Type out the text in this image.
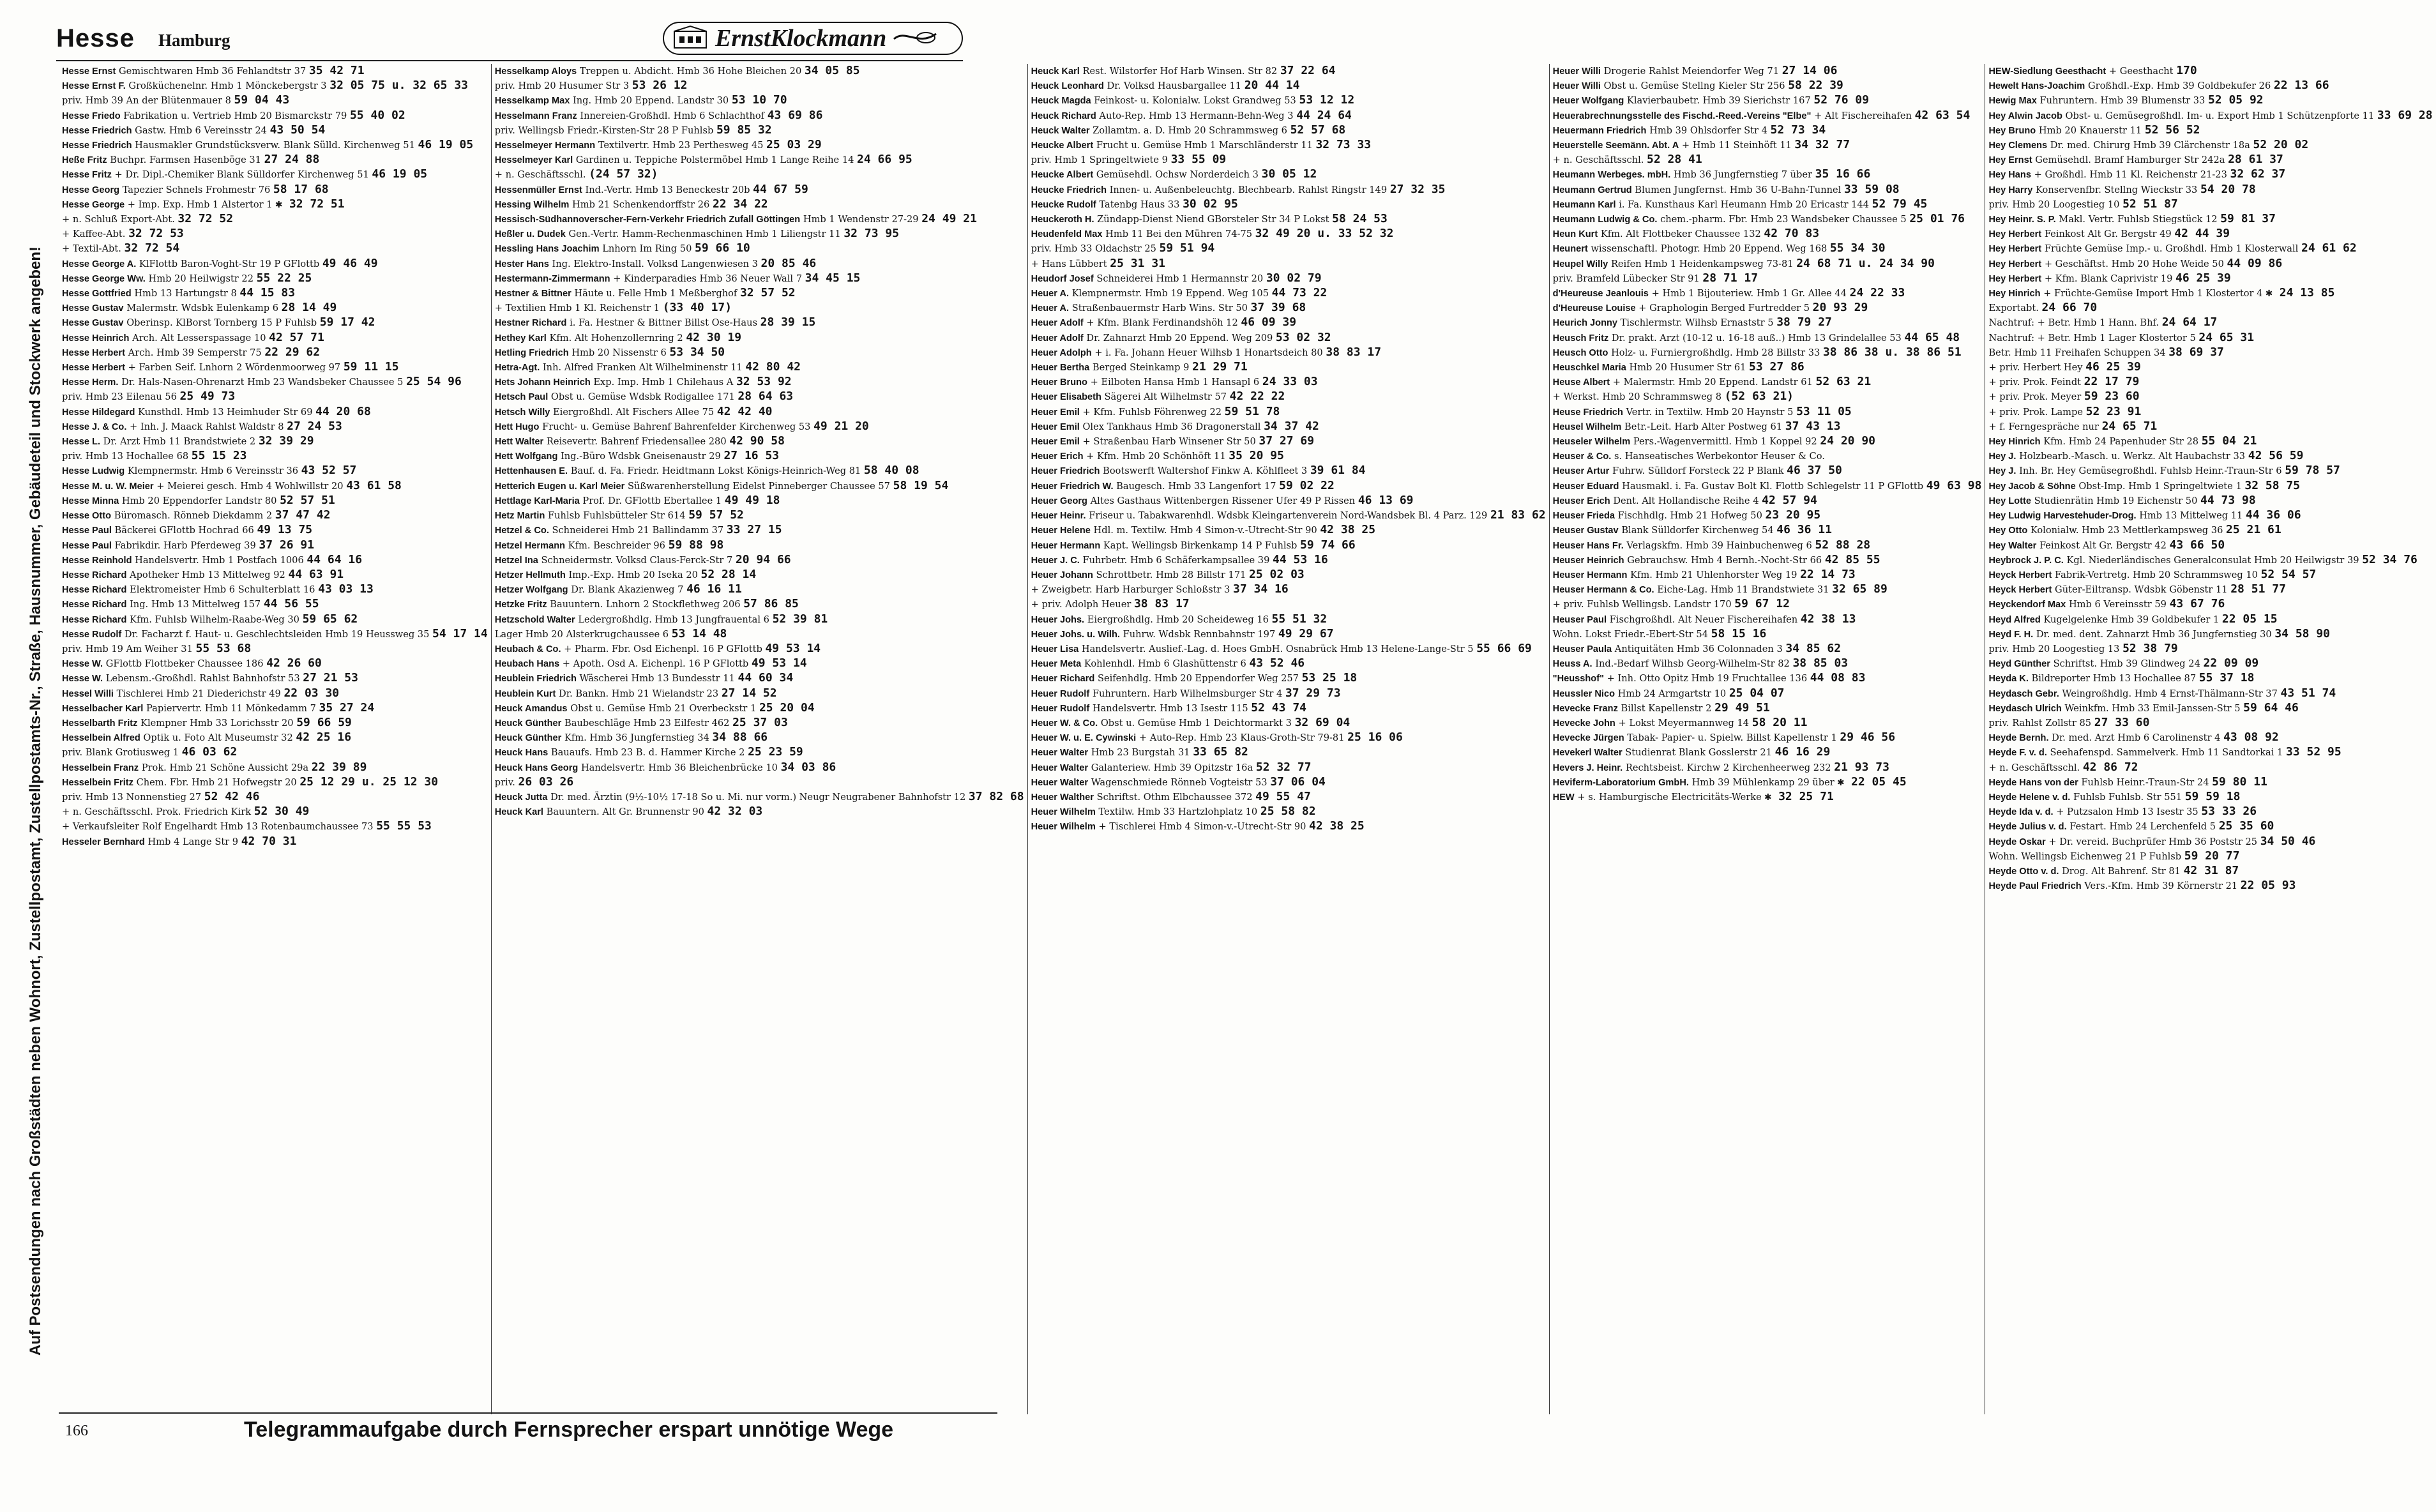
Hesse Hamburg	ErnstKlockmann
Auf Postsendungen nach Großstädten neben Wohnort, Zustellpostamt, Zustellpostamts-Nr., Straße, Hausnummer, Gebäudeteil und Stockwerk angeben!
Hesse Ernst Gemischtwaren Hmb 36 Fehlandtstr 37 35 42 71
Hesse Ernst F. Großküchenelnr. Hmb 1 Mönckebergstr 3 32 05 75 u. 32 65 33
priv. Hmb 39 An der Blütenmauer 8 59 04 43
Hesse Friedo Fabrikation u. Vertrieb Hmb 20 Bismarckstr 79 55 40 02
Hesse Friedrich Gastw. Hmb 6 Vereinsstr 24 43 50 54
Hesse Friedrich Hausmakler Grundstücksverw. Blank Sülld. Kirchenweg 51 46 19 05
Heße Fritz Buchpr. Farmsen Hasenböge 31 27 24 88
Hesse Fritz + Dr. Dipl.-Chemiker Blank Sülldorfer Kirchenweg 51 46 19 05
Hesse Georg Tapezier Schnels Frohmestr 76 58 17 68
Hesse George + Imp. Exp. Hmb 1 Alstertor 1 ✱ 32 72 51
+ n. Schluß Export-Abt. 32 72 52
+ Kaffee-Abt. 32 72 53
+ Textil-Abt. 32 72 54
Hesse George A. KlFlottb Baron-Voght-Str 19 P GFlottb 49 46 49
Hesse George Ww. Hmb 20 Heilwigstr 22 55 22 25
Hesse Gottfried Hmb 13 Hartungstr 8 44 15 83
Hesse Gustav Malermstr. Wdsbk Eulenkamp 6 28 14 49
Hesse Gustav Oberinsp. KlBorst Tornberg 15 P Fuhlsb 59 17 42
Hesse Heinrich Arch. Alt Lesserspassage 10 42 57 71
Hesse Herbert Arch. Hmb 39 Semperstr 75 22 29 62
Hesse Herbert + Farben Seif. Lnhorn 2 Wördenmoorweg 97 59 11 15
Hesse Herm. Dr. Hals-Nasen-Ohrenarzt Hmb 23 Wandsbeker Chaussee 5 25 54 96
priv. Hmb 23 Eilenau 56 25 49 73
Hesse Hildegard Kunsthdl. Hmb 13 Heimhuder Str 69 44 20 68
Hesse J. & Co. + Inh. J. Maack Rahlst Waldstr 8 27 24 53
Hesse L. Dr. Arzt Hmb 11 Brandstwiete 2 32 39 29
priv. Hmb 13 Hochallee 68 55 15 23
Hesse Ludwig Klempnermstr. Hmb 6 Vereinsstr 36 43 52 57
Hesse M. u. W. Meier + Meierei gesch. Hmb 4 Wohlwillstr 20 43 61 58
Hesse Minna Hmb 20 Eppendorfer Landstr 80 52 57 51
Hesse Otto Büromasch. Rönneb Diekdamm 2 37 47 42
Hesse Paul Bäckerei GFlottb Hochrad 66 49 13 75
Hesse Paul Fabrikdir. Harb Pferdeweg 39 37 26 91
Hesse Reinhold Handelsvertr. Hmb 1 Postfach 1006 44 64 16
Hesse Richard Apotheker Hmb 13 Mittelweg 92 44 63 91
Hesse Richard Elektromeister Hmb 6 Schulterblatt 16 43 03 13
Hesse Richard Ing. Hmb 13 Mittelweg 157 44 56 55
Hesse Richard Kfm. Fuhlsb Wilhelm-Raabe-Weg 30 59 65 62
Hesse Rudolf Dr. Facharzt f. Haut- u. Geschlechtsleiden Hmb 19 Heussweg 35 54 17 14
priv. Hmb 19 Am Weiher 31 55 53 68
Hesse W. GFlottb Flottbeker Chaussee 186 42 26 60
Hesse W. Lebensm.-Großhdl. Rahlst Bahnhofstr 53 27 21 53
Hessel Willi Tischlerei Hmb 21 Diederichstr 49 22 03 30
Hesselbacher Karl Papiervertr. Hmb 11 Mönkedamm 7 35 27 24
Hesselbarth Fritz Klempner Hmb 33 Lorichsstr 20 59 66 59
Hesselbein Alfred Optik u. Foto Alt Museumstr 32 42 25 16
priv. Blank Grotiusweg 1 46 03 62
Hesselbein Franz Prok. Hmb 21 Schöne Aussicht 29a 22 39 89
Hesselbein Fritz Chem. Fbr. Hmb 21 Hofwegstr 20 25 12 29 u. 25 12 30
priv. Hmb 13 Nonnenstieg 27 52 42 46
+ n. Geschäftsschl. Prok. Friedrich Kirk 52 30 49
+ Verkaufsleiter Rolf Engelhardt Hmb 13 Rotenbaumchaussee 73 55 55 53
Hesseler Bernhard Hmb 4 Lange Str 9 42 70 31
Hesselkamp Aloys Treppen u. Abdicht. Hmb 36 Hohe Bleichen 20 34 05 85
priv. Hmb 20 Husumer Str 3 53 26 12
Hesselkamp Max Ing. Hmb 20 Eppend. Landstr 30 53 10 70
Hesselmann Franz Innereien-Großhdl. Hmb 6 Schlachthof 43 69 86
priv. Wellingsb Friedr.-Kirsten-Str 28 P Fuhlsb 59 85 32
Hesselmeyer Hermann Textilvertr. Hmb 23 Perthesweg 45 25 03 29
Hesselmeyer Karl Gardinen u. Teppiche Polstermöbel Hmb 1 Lange Reihe 14 24 66 95
+ n. Geschäftsschl. (24 57 32)
Hessenmüller Ernst Ind.-Vertr. Hmb 13 Beneckestr 20b 44 67 59
Hessing Wilhelm Hmb 21 Schenkendorffstr 26 22 34 22
Hessisch-Südhannoverscher-Fern-Verkehr Friedrich Zufall Göttingen Hmb 1 Wendenstr 27-29 24 49 21
Heßler u. Dudek Gen.-Vertr. Hamm-Rechenmaschinen Hmb 1 Liliengstr 11 32 73 95
Hessling Hans Joachim Lnhorn Im Ring 50 59 66 10
Hester Hans Ing. Elektro-Install. Volksd Langenwiesen 3 20 85 46
Hestermann-Zimmermann + Kinderparadies Hmb 36 Neuer Wall 7 34 45 15
Hestner & Bittner Häute u. Felle Hmb 1 Meßberghof 32 57 52
+ Textilien Hmb 1 Kl. Reichenstr 1 (33 40 17)
Hestner Richard i. Fa. Hestner & Bittner Billst Ose-Haus 28 39 15
Hethey Karl Kfm. Alt Hohenzollernring 2 42 30 19
Hetling Friedrich Hmb 20 Nissenstr 6 53 34 50
Hetra-Agt. Inh. Alfred Franken Alt Wilhelminenstr 11 42 80 42
Hets Johann Heinrich Exp. Imp. Hmb 1 Chilehaus A 32 53 92
Hetsch Paul Obst u. Gemüse Wdsbk Rodigallee 171 28 64 63
Hetsch Willy Eiergroßhdl. Alt Fischers Allee 75 42 42 40
Hett Hugo Frucht- u. Gemüse Bahrenf Bahrenfelder Kirchenweg 53 49 21 20
Hett Walter Reisevertr. Bahrenf Friedensallee 280 42 90 58
Hett Wolfgang Ing.-Büro Wdsbk Gneisenaustr 29 27 16 53
Hettenhausen E. Bauf. d. Fa. Friedr. Heidtmann Lokst Königs-Heinrich-Weg 81 58 40 08
Hetterich Eugen u. Karl Meier Süßwarenherstellung Eidelst Pinneberger Chaussee 57 58 19 54
Hettlage Karl-Maria Prof. Dr. GFlottb Ebertallee 1 49 49 18
Hetz Martin Fuhlsb Fuhlsbütteler Str 614 59 57 52
Hetzel & Co. Schneiderei Hmb 21 Ballindamm 37 33 27 15
Hetzel Hermann Kfm. Beschreider 96 59 88 98
Hetzel Ina Schneidermstr. Volksd Claus-Ferck-Str 7 20 94 66
Hetzer Hellmuth Imp.-Exp. Hmb 20 Iseka 20 52 28 14
Hetzer Wolfgang Dr. Blank Akazienweg 7 46 16 11
Hetzke Fritz Bauuntern. Lnhorn 2 Stockflethweg 206 57 86 85
Hetzschold Walter Ledergroßhdlg. Hmb 13 Jungfrauental 6 52 39 81
Lager Hmb 20 Alsterkrugchaussee 6 53 14 48
Heubach & Co. + Pharm. Fbr. Osd Eichenpl. 16 P GFlottb 49 53 14
Heubach Hans + Apoth. Osd A. Eichenpl. 16 P GFlottb 49 53 14
Heublein Friedrich Wäscherei Hmb 13 Bundesstr 11 44 60 34
Heublein Kurt Dr. Bankn. Hmb 21 Wielandstr 23 27 14 52
Heuck Amandus Obst u. Gemüse Hmb 21 Overbeckstr 1 25 20 04
Heuck Günther Baubeschläge Hmb 23 Eilfestr 462 25 37 03
Heuck Günther Kfm. Hmb 36 Jungfernstieg 34 34 88 66
Heuck Hans Bauaufs. Hmb 23 B. d. Hammer Kirche 2 25 23 59
Heuck Hans Georg Handelsvertr. Hmb 36 Bleichenbrücke 10 34 03 86
priv. 26 03 26
Heuck Jutta Dr. med. Ärztin (9½-10½ 17-18 So u. Mi. nur vorm.) Neugr Neugrabener Bahnhofstr 12 37 82 68
Heuck Karl Bauuntern. Alt Gr. Brunnenstr 90 42 32 03
Heuck Karl Rest. Wilstorfer Hof Harb Winsen. Str 82 37 22 64
Heuck Leonhard Dr. Volksd Hausbargallee 11 20 44 14
Heuck Magda Feinkost- u. Kolonialw. Lokst Grandweg 53 53 12 12
Heuck Richard Auto-Rep. Hmb 13 Hermann-Behn-Weg 3 44 24 64
Heuck Walter Zollamtm. a. D. Hmb 20 Schrammsweg 6 52 57 68
Heucke Albert Frucht u. Gemüse Hmb 1 Marschländerstr 11 32 73 33
priv. Hmb 1 Springeltwiete 9 33 55 09
Heucke Albert Gemüsehdl. Ochsw Norderdeich 3 30 05 12
Heucke Friedrich Innen- u. Außenbeleuchtg. Blechbearb. Rahlst Ringstr 149 27 32 35
Heucke Rudolf Tatenbg Haus 33 30 02 95
Heuckeroth H. Zündapp-Dienst Niend GBorsteler Str 34 P Lokst 58 24 53
Heudenfeld Max Hmb 11 Bei den Mühren 74-75 32 49 20 u. 33 52 32
priv. Hmb 33 Oldachstr 25 59 51 94
+ Hans Lübbert 25 31 31
Heudorf Josef Schneiderei Hmb 1 Hermannstr 20 30 02 79
Heuer A. Klempnermstr. Hmb 19 Eppend. Weg 105 44 73 22
Heuer A. Straßenbauermstr Harb Wins. Str 50 37 39 68
Heuer Adolf + Kfm. Blank Ferdinandshöh 12 46 09 39
Heuer Adolf Dr. Zahnarzt Hmb 20 Eppend. Weg 209 53 02 32
Heuer Adolph + i. Fa. Johann Heuer Wilhsb 1 Honartsdeich 80 38 83 17
Heuer Bertha Berged Steinkamp 9 21 29 71
Heuer Bruno + Eilboten Hansa Hmb 1 Hansapl 6 24 33 03
Heuer Elisabeth Sägerei Alt Wilhelmstr 57 42 22 22
Heuer Emil + Kfm. Fuhlsb Föhrenweg 22 59 51 78
Heuer Emil Olex Tankhaus Hmb 36 Dragonerstall 34 37 42
Heuer Emil + Straßenbau Harb Winsener Str 50 37 27 69
Heuer Erich + Kfm. Hmb 20 Schönhöft 11 35 20 95
Heuer Friedrich Bootswerft Waltershof Finkw A. Köhlfleet 3 39 61 84
Heuer Friedrich W. Baugesch. Hmb 33 Langenfort 17 59 02 22
Heuer Georg Altes Gasthaus Wittenbergen Rissener Ufer 49 P Rissen 46 13 69
Heuer Heinr. Friseur u. Tabakwarenhdl. Wdsbk Kleingartenverein Nord-Wandsbek Bl. 4 Parz. 129 21 83 62
Heuer Helene Hdl. m. Textilw. Hmb 4 Simon-v.-Utrecht-Str 90 42 38 25
Heuer Hermann Kapt. Wellingsb Birkenkamp 14 P Fuhlsb 59 74 66
Heuer J. C. Fuhrbetr. Hmb 6 Schäferkampsallee 39 44 53 16
Heuer Johann Schrottbetr. Hmb 28 Billstr 171 25 02 03
+ Zweigbetr. Harb Harburger Schloßstr 3 37 34 16
+ priv. Adolph Heuer 38 83 17
Heuer Johs. Eiergroßhdlg. Hmb 20 Scheideweg 16 55 51 32
Heuer Johs. u. Wilh. Fuhrw. Wdsbk Rennbahnstr 197 49 29 67
Heuer Lisa Handelsvertr. Auslief.-Lag. d. Hoes GmbH. Osnabrück Hmb 13 Helene-Lange-Str 5 55 66 69
Heuer Meta Kohlenhdl. Hmb 6 Glashüttenstr 6 43 52 46
Heuer Richard Seifenhdlg. Hmb 20 Eppendorfer Weg 257 53 25 18
Heuer Rudolf Fuhruntern. Harb Wilhelmsburger Str 4 37 29 73
Heuer Rudolf Handelsvertr. Hmb 13 Isestr 115 52 43 74
Heuer W. & Co. Obst u. Gemüse Hmb 1 Deichtormarkt 3 32 69 04
Heuer W. u. E. Cywinski + Auto-Rep. Hmb 23 Klaus-Groth-Str 79-81 25 16 06
Heuer Walter Hmb 23 Burgstah 31 33 65 82
Heuer Walter Galanteriew. Hmb 39 Opitzstr 16a 52 32 77
Heuer Walter Wagenschmiede Rönneb Vogteistr 53 37 06 04
Heuer Walther Schriftst. Othm Elbchaussee 372 49 55 47
Heuer Wilhelm Textilw. Hmb 33 Hartzlohplatz 10 25 58 82
Heuer Wilhelm + Tischlerei Hmb 4 Simon-v.-Utrecht-Str 90 42 38 25
Heuer Willi Drogerie Rahlst Meiendorfer Weg 71 27 14 06
Heuer Willi Obst u. Gemüse Stellng Kieler Str 256 58 22 39
Heuer Wolfgang Klavierbaubetr. Hmb 39 Sierichstr 167 52 76 09
Heuerabrechnungsstelle des Fischd.-Reed.-Vereins "Elbe" + Alt Fischereihafen 42 63 54
Heuermann Friedrich Hmb 39 Ohlsdorfer Str 4 52 73 34
Heuerstelle Seemänn. Abt. A + Hmb 11 Steinhöft 11 34 32 77
+ n. Geschäftsschl. 52 28 41
Heumann Werbeges. mbH. Hmb 36 Jungfernstieg 7 über 35 16 66
Heumann Gertrud Blumen Jungfernst. Hmb 36 U-Bahn-Tunnel 33 59 08
Heumann Karl i. Fa. Kunsthaus Karl Heumann Hmb 20 Ericastr 144 52 79 45
Heumann Ludwig & Co. chem.-pharm. Fbr. Hmb 23 Wandsbeker Chaussee 5 25 01 76
Heun Kurt Kfm. Alt Flottbeker Chaussee 132 42 70 83
Heunert wissenschaftl. Photogr. Hmb 20 Eppend. Weg 168 55 34 30
Heupel Willy Reifen Hmb 1 Heidenkampsweg 73-81 24 68 71 u. 24 34 90
priv. Bramfeld Lübecker Str 91 28 71 17
d'Heureuse Jeanlouis + Hmb 1 Bijouteriew. Hmb 1 Gr. Allee 44 24 22 33
d'Heureuse Louise + Graphologin Berged Furtredder 5 20 93 29
Heurich Jonny Tischlermstr. Wilhsb Ernaststr 5 38 79 27
Heusch Fritz Dr. prakt. Arzt (10-12 u. 16-18 auß..) Hmb 13 Grindelallee 53 44 65 48
Heusch Otto Holz- u. Furniergroßhdlg. Hmb 28 Billstr 33 38 86 38 u. 38 86 51
Heuschkel Maria Hmb 20 Husumer Str 61 53 27 86
Heuse Albert + Malermstr. Hmb 20 Eppend. Landstr 61 52 63 21
+ Werkst. Hmb 20 Schrammsweg 8 (52 63 21)
Heuse Friedrich Vertr. in Textilw. Hmb 20 Haynstr 5 53 11 05
Heusel Wilhelm Betr.-Leit. Harb Alter Postweg 61 37 43 13
Heuseler Wilhelm Pers.-Wagenvermittl. Hmb 1 Koppel 92 24 20 90
Heuser & Co. s. Hanseatisches Werbekontor Heuser & Co.
Heuser Artur Fuhrw. Sülldorf Forsteck 22 P Blank 46 37 50
Heuser Eduard Hausmakl. i. Fa. Gustav Bolt Kl. Flottb Schlegelstr 11 P GFlottb 49 63 98
Heuser Erich Dent. Alt Hollandische Reihe 4 42 57 94
Heuser Frieda Fischhdlg. Hmb 21 Hofweg 50 23 20 95
Heuser Gustav Blank Sülldorfer Kirchenweg 54 46 36 11
Heuser Hans Fr. Verlagskfm. Hmb 39 Hainbuchenweg 6 52 88 28
Heuser Heinrich Gebrauchsw. Hmb 4 Bernh.-Nocht-Str 66 42 85 55
Heuser Hermann Kfm. Hmb 21 Uhlenhorster Weg 19 22 14 73
Heuser Hermann & Co. Eiche-Lag. Hmb 11 Brandstwiete 31 32 65 89
+ priv. Fuhlsb Wellingsb. Landstr 170 59 67 12
Heuser Paul Fischgroßhdl. Alt Neuer Fischereihafen 42 38 13
Wohn. Lokst Friedr.-Ebert-Str 54 58 15 16
Heuser Paula Antiquitäten Hmb 36 Colonnaden 3 34 85 62
Heuss A. Ind.-Bedarf Wilhsb Georg-Wilhelm-Str 82 38 85 03
"Heusshof" + Inh. Otto Opitz Hmb 19 Fruchtallee 136 44 08 83
Heussler Nico Hmb 24 Armgartstr 10 25 04 07
Hevecke Franz Billst Kapellenstr 2 29 49 51
Hevecke John + Lokst Meyermannweg 14 58 20 11
Hevecke Jürgen Tabak- Papier- u. Spielw. Billst Kapellenstr 1 29 46 56
Hevekerl Walter Studienrat Blank Gosslerstr 21 46 16 29
Hevers J. Heinr. Rechtsbeist. Kirchw 2 Kirchenheerweg 232 21 93 73
Heviferm-Laboratorium GmbH. Hmb 39 Mühlenkamp 29 über ✱ 22 05 45
HEW + s. Hamburgische Electricitäts-Werke ✱ 32 25 71
HEW-Siedlung Geesthacht + Geesthacht 170
Hewelt Hans-Joachim Großhdl.-Exp. Hmb 39 Goldbekufer 26 22 13 66
Hewig Max Fuhruntern. Hmb 39 Blumenstr 33 52 05 92
Hey Alwin Jacob Obst- u. Gemüsegroßhdl. Im- u. Export Hmb 1 Schützenpforte 11 33 69 28
Hey Bruno Hmb 20 Knauerstr 11 52 56 52
Hey Clemens Dr. med. Chirurg Hmb 39 Clärchenstr 18a 52 20 02
Hey Ernst Gemüsehdl. Bramf Hamburger Str 242a 28 61 37
Hey Hans + Großhdl. Hmb 11 Kl. Reichenstr 21-23 32 62 37
Hey Harry Konservenfbr. Stellng Wieckstr 33 54 20 78
priv. Hmb 20 Loogestieg 10 52 51 87
Hey Heinr. S. P. Makl. Vertr. Fuhlsb Stiegstück 12 59 81 37
Hey Herbert Feinkost Alt Gr. Bergstr 49 42 44 39
Hey Herbert Früchte Gemüse Imp.- u. Großhdl. Hmb 1 Klosterwall 24 61 62
Hey Herbert + Geschäftst. Hmb 20 Hohe Weide 50 44 09 86
Hey Herbert + Kfm. Blank Caprivistr 19 46 25 39
Hey Hinrich + Früchte-Gemüse Import Hmb 1 Klostertor 4 ✱ 24 13 85
Exportabt. 24 66 70
Nachtruf: + Betr. Hmb 1 Hann. Bhf. 24 64 17
Nachtruf: + Betr. Hmb 1 Lager Klostertor 5 24 65 31
Betr. Hmb 11 Freihafen Schuppen 34 38 69 37
+ priv. Herbert Hey 46 25 39
+ priv. Prok. Feindt 22 17 79
+ priv. Prok. Meyer 59 23 60
+ priv. Prok. Lampe 52 23 91
+ f. Ferngespräche nur 24 65 71
Hey Hinrich Kfm. Hmb 24 Papenhuder Str 28 55 04 21
Hey J. Holzbearb.-Masch. u. Werkz. Alt Haubachstr 33 42 56 59
Hey J. Inh. Br. Hey Gemüsegroßhdl. Fuhlsb Heinr.-Traun-Str 6 59 78 57
Hey Jacob & Söhne Obst-Imp. Hmb 1 Springeltwiete 1 32 58 75
Hey Lotte Studienrätin Hmb 19 Eichenstr 50 44 73 98
Hey Ludwig Harvestehuder-Drog. Hmb 13 Mittelweg 11 44 36 06
Hey Otto Kolonialw. Hmb 23 Mettlerkampsweg 36 25 21 61
Hey Walter Feinkost Alt Gr. Bergstr 42 43 66 50
Heybrock J. P. C. Kgl. Niederländisches Generalconsulat Hmb 20 Heilwigstr 39 52 34 76
Heyck Herbert Fabrik-Vertretg. Hmb 20 Schrammsweg 10 52 54 57
Heyck Herbert Güter-Eiltransp. Wdsbk Göbenstr 11 28 51 77
Heyckendorf Max Hmb 6 Vereinsstr 59 43 67 76
Heyd Alfred Kugelgelenke Hmb 39 Goldbekufer 1 22 05 15
Heyd F. H. Dr. med. dent. Zahnarzt Hmb 36 Jungfernstieg 30 34 58 90
priv. Hmb 20 Loogestieg 13 52 38 79
Heyd Günther Schriftst. Hmb 39 Glindweg 24 22 09 09
Heyda K. Bildreporter Hmb 13 Hochallee 87 55 37 18
Heydasch Gebr. Weingroßhdlg. Hmb 4 Ernst-Thälmann-Str 37 43 51 74
Heydasch Ulrich Weinkfm. Hmb 33 Emil-Janssen-Str 5 59 64 46
priv. Rahlst Zollstr 85 27 33 60
Heyde Bernh. Dr. med. Arzt Hmb 6 Carolinenstr 4 43 08 92
Heyde F. v. d. Seehafenspd. Sammelverk. Hmb 11 Sandtorkai 1 33 52 95
+ n. Geschäftsschl. 42 86 72
Heyde Hans von der Fuhlsb Heinr.-Traun-Str 24 59 80 11
Heyde Helene v. d. Fuhlsb Fuhlsb. Str 551 59 59 18
Heyde Ida v. d. + Putzsalon Hmb 13 Isestr 35 53 33 26
Heyde Julius v. d. Festart. Hmb 24 Lerchenfeld 5 25 35 60
Heyde Oskar + Dr. vereid. Buchprüfer Hmb 36 Poststr 25 34 50 46
Wohn. Wellingsb Eichenweg 21 P Fuhlsb 59 20 77
Heyde Otto v. d. Drog. Alt Bahrenf. Str 81 42 31 87
Heyde Paul Friedrich Vers.-Kfm. Hmb 39 Körnerstr 21 22 05 93
166	Telegrammaufgabe durch Fernsprecher erspart unnötige Wege
